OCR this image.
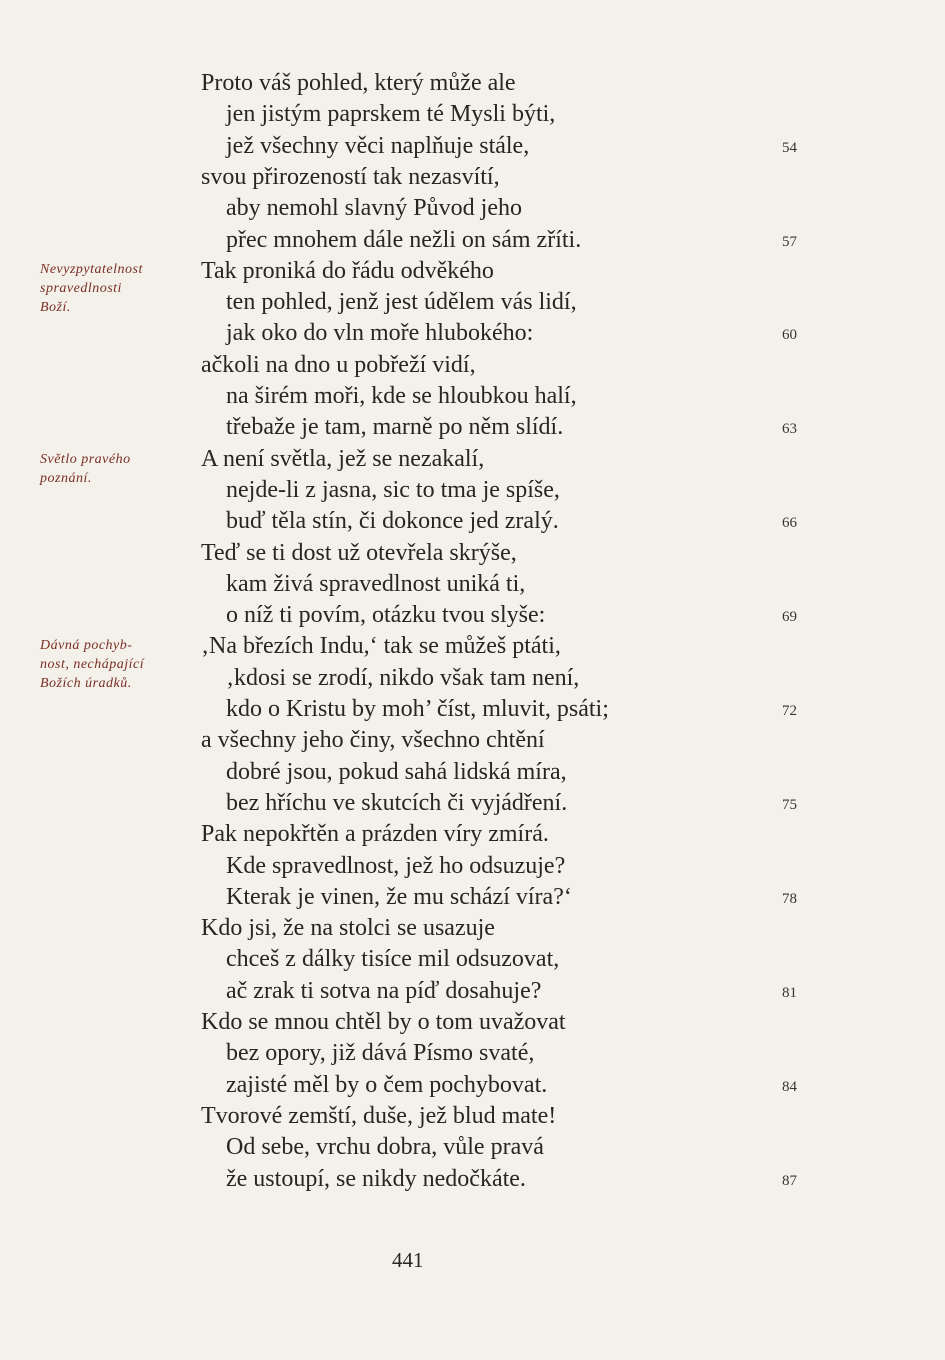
Proto váš pohled, který může ale
jen jistým paprskem té Mysli býti,
jež všechny věci naplňuje stále,
svou přirozeností tak nezasvítí,
aby nemohl slavný Původ jeho
přec mnohem dále nežli on sám zříti.
Tak proniká do řádu odvěkého
ten pohled, jenž jest údělem vás lidí,
jak oko do vln moře hlubokého:
ačkoli na dno u pobřeží vidí,
na širém moři, kde se hloubkou halí,
třebaže je tam, marně po něm slídí.
A není světla, jež se nezakalí,
nejde-li z jasna, sic to tma je spíše,
buď těla stín, či dokonce jed zralý.
Teď se ti dost už otevřela skrýše,
kam živá spravedlnost uniká ti,
o níž ti povím, otázku tvou slyše:
‚Na březích Indu,‘ tak se můžeš ptáti,
‚kdosi se zrodí, nikdo však tam není,
kdo o Kristu by moh’ číst, mluvit, psáti;
a všechny jeho činy, všechno chtění
dobré jsou, pokud sahá lidská míra,
bez hříchu ve skutcích či vyjádření.
Pak nepokřtěn a prázden víry zmírá.
Kde spravedlnost, jež ho odsuzuje?
Kterak je vinen, že mu schází víra?‘
Kdo jsi, že na stolci se usazuje
chceš z dálky tisíce mil odsuzovat,
ač zrak ti sotva na píď dosahuje?
Kdo se mnou chtěl by o tom uvažovat
bez opory, již dává Písmo svaté,
zajisté měl by o čem pochybovat.
Tvorové zemští, duše, jež blud mate!
Od sebe, vrchu dobra, vůle pravá
že ustoupí, se nikdy nedočkáte.
54
57
60
63
66
69
72
75
78
81
84
87
Nevyzpytatelnost
spravedlnosti
Boží.
Světlo pravého
poznání.
Dávná pochyb-
nost, nechápající
Božích úradků.
441
